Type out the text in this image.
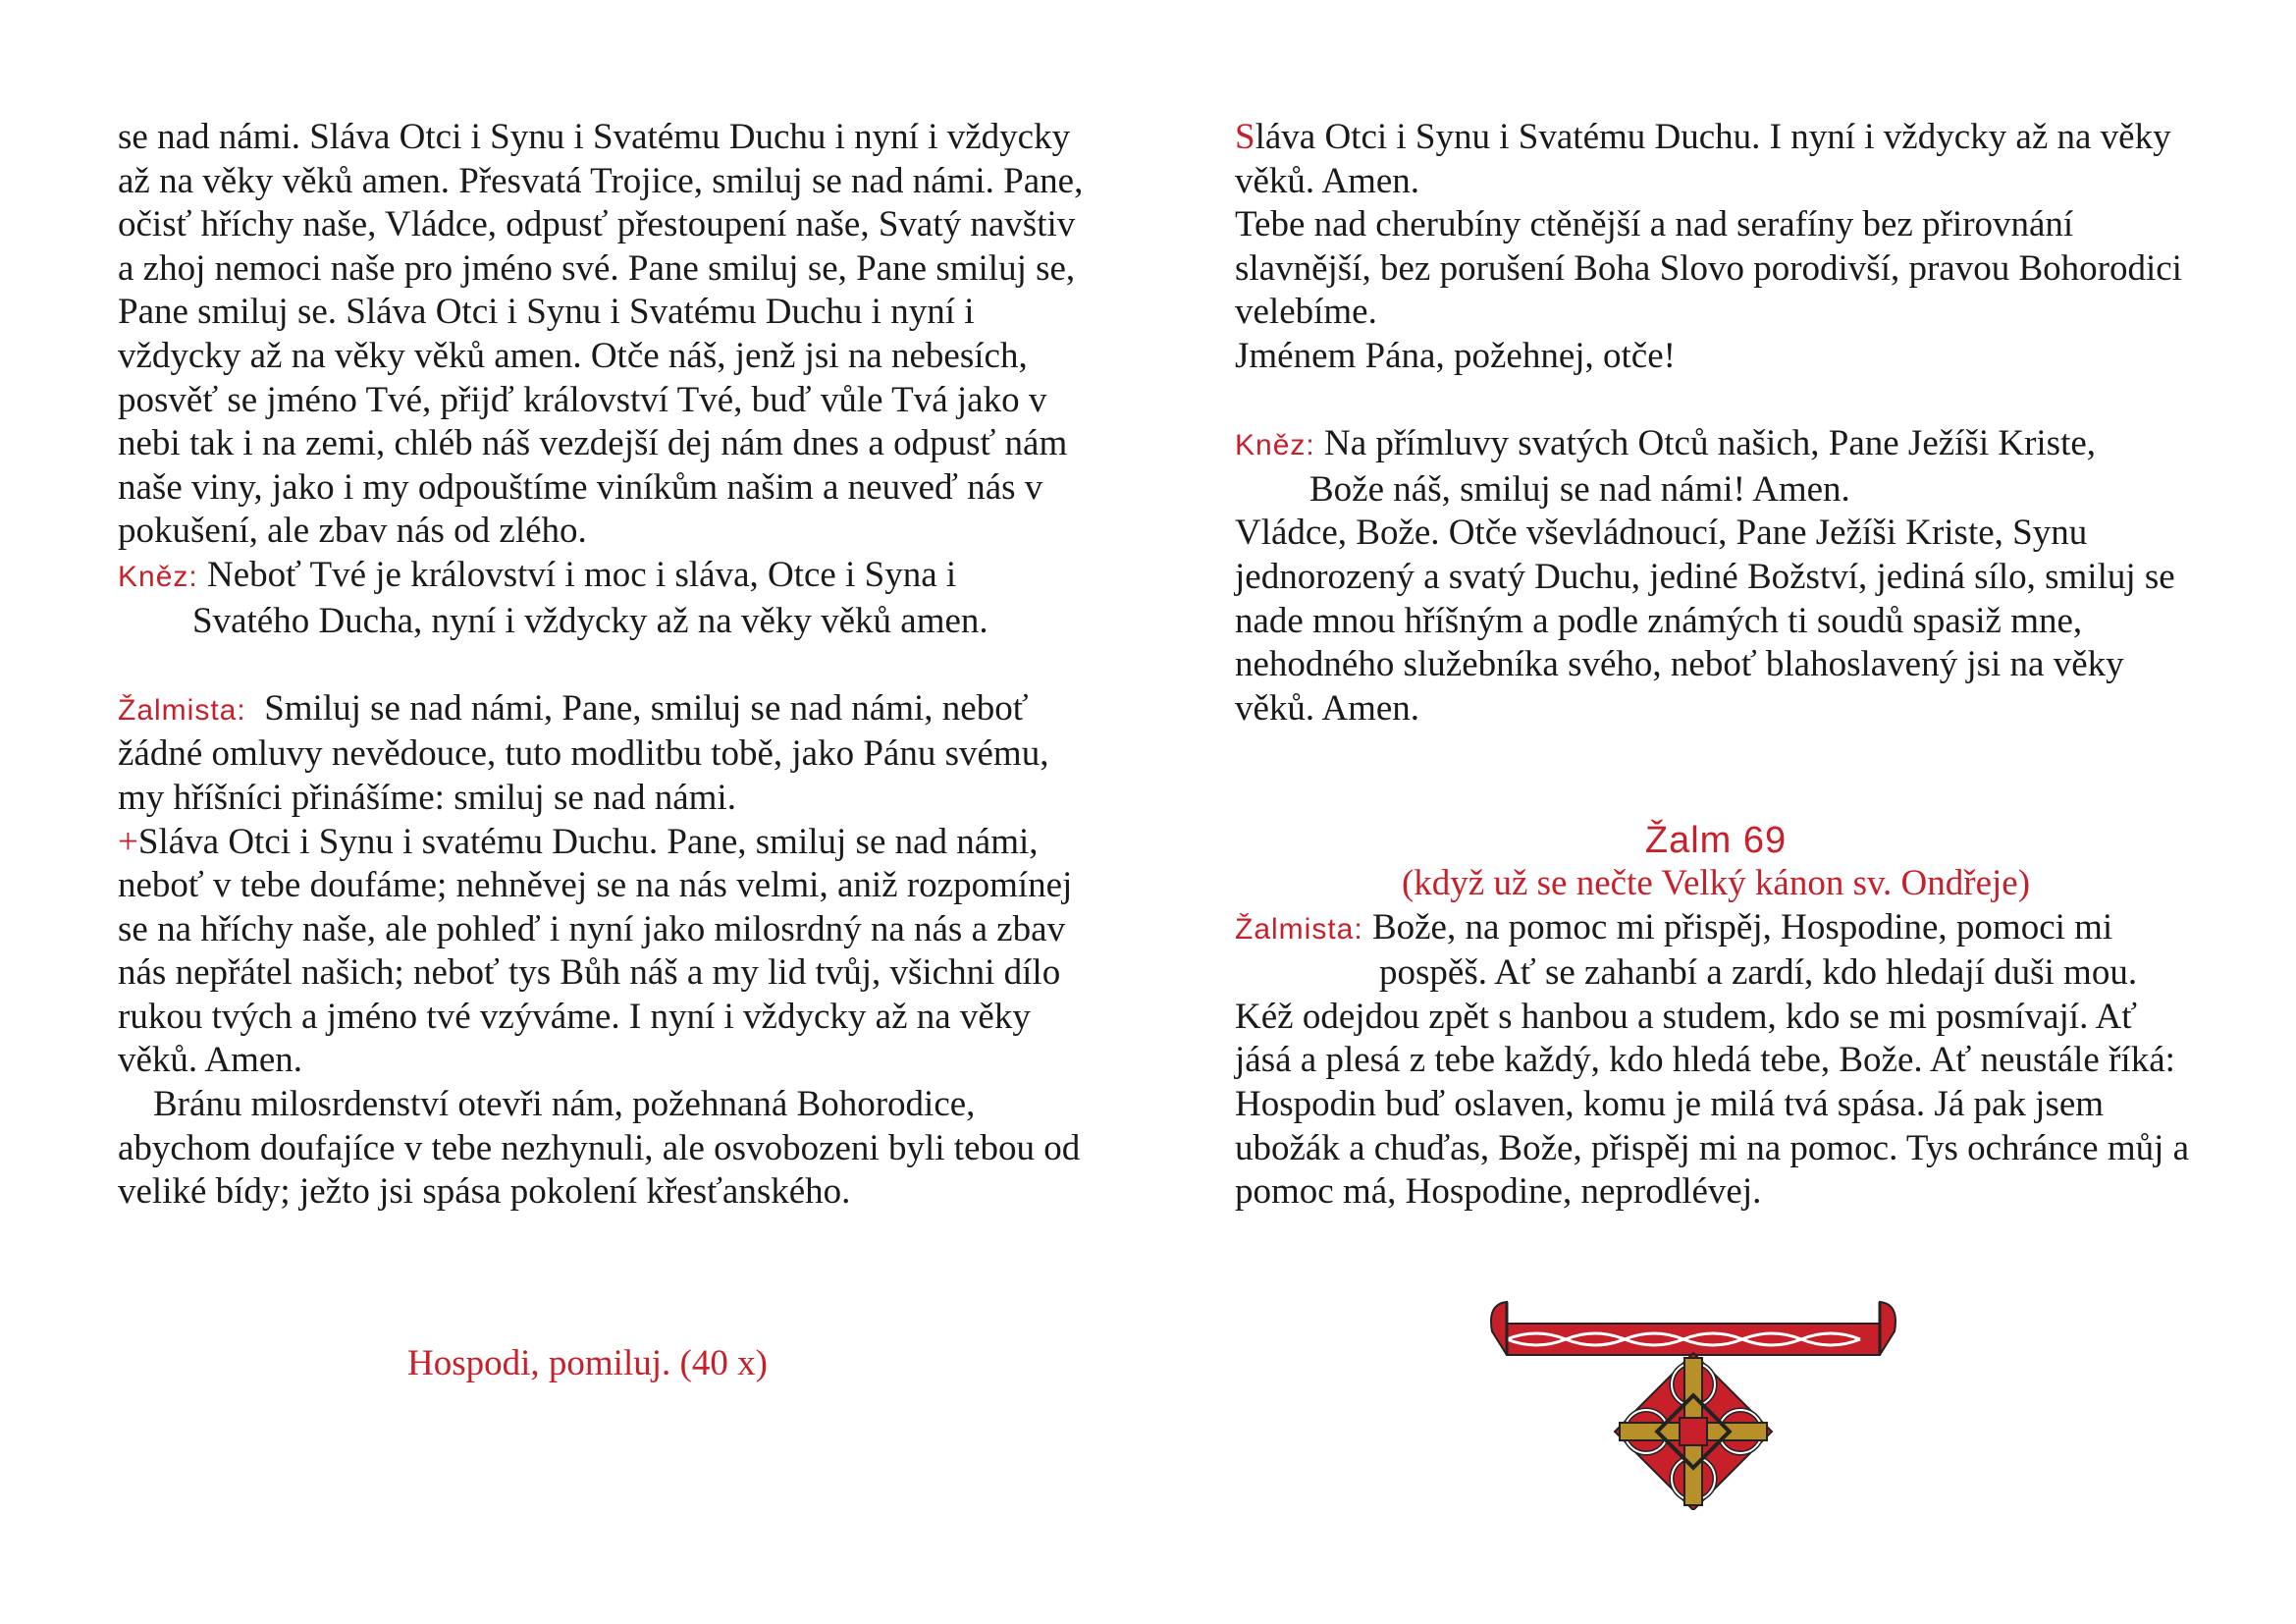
se nad námi. Sláva Otci i Synu i Svatému Duchu i nyní i vždycky až na věky věků amen. Přesvatá Trojice, smiluj se nad námi. Pane, očisť hříchy naše, Vládce, odpusť přestoupení naše, Svatý navštiv a zhoj nemoci naše pro jméno své. Pane smiluj se, Pane smiluj se, Pane smiluj se. Sláva Otci i Synu i Svatému Duchu i nyní i vždycky až na věky věků amen. Otče náš, jenž jsi na nebesích, posvěť se jméno Tvé, přijď království Tvé, buď vůle Tvá jako v nebi tak i na zemi, chléb náš vezdejší dej nám dnes a odpusť nám naše viny, jako i my odpouštíme viníkům našim a neuveď nás v pokušení, ale zbav nás od zlého.

Kněz: Neboť Tvé je království i moc i sláva, Otce i Syna i

Svatého Ducha, nyní i vždycky až na věky věků amen.

Žalmista: Smiluj se nad námi, Pane, smiluj se nad námi, neboť žádné omluvy nevědouce, tuto modlitbu tobě, jako Pánu svému, my hříšníci přinášíme: smiluj se nad námi.

+Sláva Otci i Synu i svatému Duchu. Pane, smiluj se nad námi, neboť v tebe doufáme; nehněvej se na nás velmi, aniž rozpomínej se na hříchy naše, ale pohleď i nyní jako milosrdný na nás a zbav nás nepřátel našich; neboť tys Bůh náš a my lid tvůj, všichni dílo rukou tvých a jméno tvé vzýváme. I nyní i vždycky až na věky věků. Amen.

Bránu milosrdenství otevři nám, požehnaná Bohorodice, abychom doufajíce v tebe nezhynuli, ale osvobozeni byli tebou od veliké bídy; ježto jsi spása pokolení křesťanského.

Hospodi, pomiluj. (40 x)

Sláva Otci i Synu i Svatému Duchu. I nyní i vždycky až na věky věků. Amen.

Tebe nad cherubíny ctěnější a nad serafíny bez přirovnání slavnější, bez porušení Boha Slovo porodivší, pravou Bohorodici velebíme.

Jménem Pána, požehnej, otče!

Kněz: Na přímluvy svatých Otců našich, Pane Ježíši Kriste,

Bože náš, smiluj se nad námi! Amen.

Vládce, Bože. Otče vševládnoucí, Pane Ježíši Kriste, Synu jednorozený a svatý Duchu, jediné Božství, jediná sílo, smiluj se nade mnou hříšným a podle známých ti soudů spasiž mne, nehodného služebníka svého, neboť blahoslavený jsi na věky věků. Amen.

Žalm 69

(když už se nečte Velký kánon sv. Ondřeje)

Žalmista: Bože, na pomoc mi přispěj, Hospodine, pomoci mi

pospěš. Ať se zahanbí a zardí, kdo hledají duši mou.

Kéž odejdou zpět s hanbou a studem, kdo se mi posmívají. Ať jásá a plesá z tebe každý, kdo hledá tebe, Bože. Ať neustále říká: Hospodin buď oslaven, komu je milá tvá spása. Já pak jsem ubožák a chuďas, Bože, přispěj mi na pomoc. Tys ochránce můj a pomoc má, Hospodine, neprodlévej.
